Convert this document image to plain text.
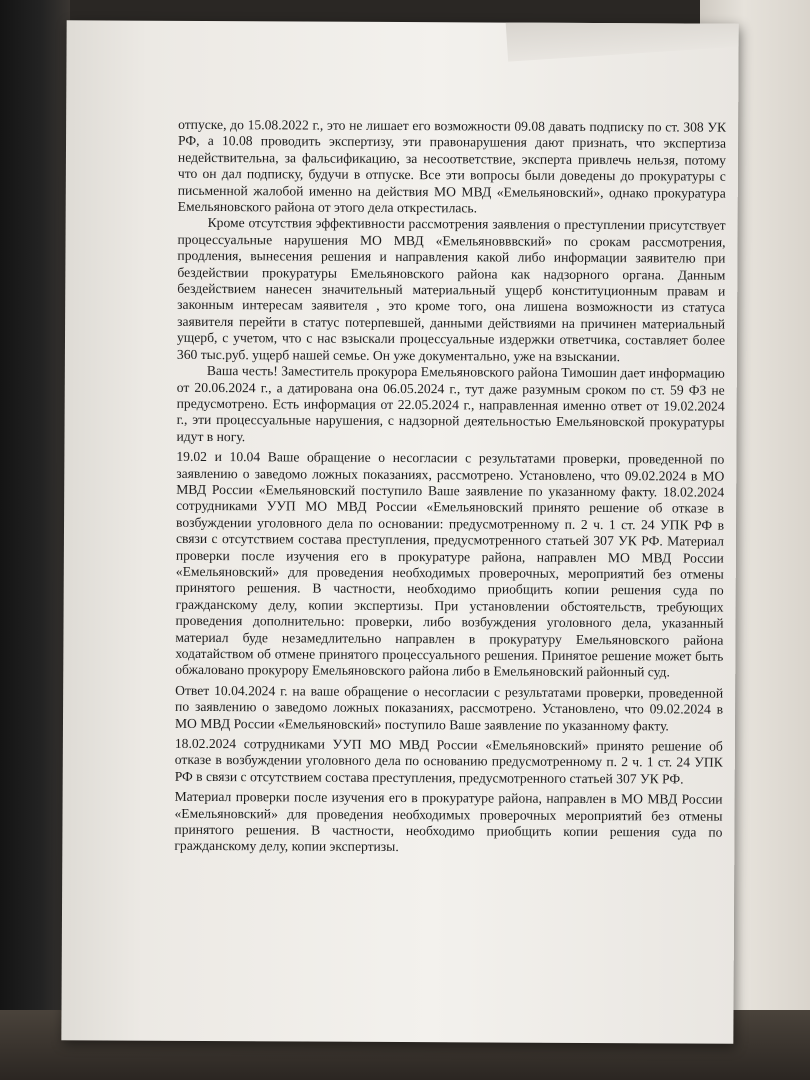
отпуске, до 15.08.2022 г., это не лишает его возможности 09.08 давать подписку по ст. 308 УК РФ, а 10.08 проводить экспертизу, эти правонарушения дают признать, что экспертиза недействительна, за фальсификацию, за несоответствие, эксперта привлечь нельзя, потому что он дал подписку, будучи в отпуске. Все эти вопросы были доведены до прокуратуры с письменной жалобой именно на действия МО МВД «Емельяновский», однако прокуратура Емельяновского района от этого дела открестилась.

Кроме отсутствия эффективности рассмотрения заявления о преступлении присутствует процессуальные нарушения МО МВД «Емельяновввский» по срокам рассмотрения, продления, вынесения решения и направления какой либо информации заявителю при бездействии прокуратуры Емельяновского района как надзорного органа. Данным бездействием нанесен значительный материальный ущерб конституционным правам и законным интересам заявителя , это кроме того, она лишена возможности из статуса заявителя перейти в статус потерпевшей, данными действиями на причинен материальный ущерб, с учетом, что с нас взыскали процессуальные издержки ответчика, составляет более 360 тыс.руб. ущерб нашей семье. Он уже документально, уже на взыскании.

Ваша честь! Заместитель прокурора Емельяновского района Тимошин дает информацию от 20.06.2024 г., а датирована она 06.05.2024 г., тут даже разумным сроком по ст. 59 ФЗ не предусмотрено. Есть информация от 22.05.2024 г., направленная именно ответ от 19.02.2024 г., эти процессуальные нарушения, с надзорной деятельностью Емельяновской прокуратуры идут в ногу.

19.02 и 10.04 Ваше обращение о несогласии с результатами проверки, проведенной по заявлению о заведомо ложных показаниях, рассмотрено. Установлено, что 09.02.2024 в МО МВД России «Емельяновский поступило Ваше заявление по указанному факту. 18.02.2024 сотрудниками УУП МО МВД России «Емельяновский принято решение об отказе в возбуждении уголовного дела по основании: предусмотренному п. 2 ч. 1 ст. 24 УПК РФ в связи с отсутствием состава преступления, предусмотренного статьей 307 УК РФ. Материал проверки после изучения его в прокуратуре района, направлен МО МВД России «Емельяновский» для проведения необходимых проверочных, мероприятий без отмены принятого решения. В частности, необходимо приобщить копии решения суда по гражданскому делу, копии экспертизы. При установлении обстоятельств, требующих проведения дополнительно: проверки, либо возбуждения уголовного дела, указанный материал буде незамедлительно направлен в прокуратуру Емельяновского района ходатайством об отмене принятого процессуального решения. Принятое решение может быть обжаловано прокурору Емельяновского района либо в Емельяновский районный суд.

Ответ 10.04.2024 г. на ваше обращение о несогласии с результатами проверки, проведенной по заявлению о заведомо ложных показаниях, рассмотрено. Установлено, что 09.02.2024 в МО МВД России «Емельяновский» поступило Ваше заявление по указанному факту.

18.02.2024 сотрудниками УУП МО МВД России «Емельяновский» принято решение об отказе в возбуждении уголовного дела по основанию предусмотренному п. 2 ч. 1 ст. 24 УПК РФ в связи с отсутствием состава преступления, предусмотренного статьей 307 УК РФ.

Материал проверки после изучения его в прокуратуре района, направлен в МО МВД России «Емельяновский» для проведения необходимых проверочных мероприятий без отмены принятого решения. В частности, необходимо приобщить копии решения суда по гражданскому делу, копии экспертизы.
